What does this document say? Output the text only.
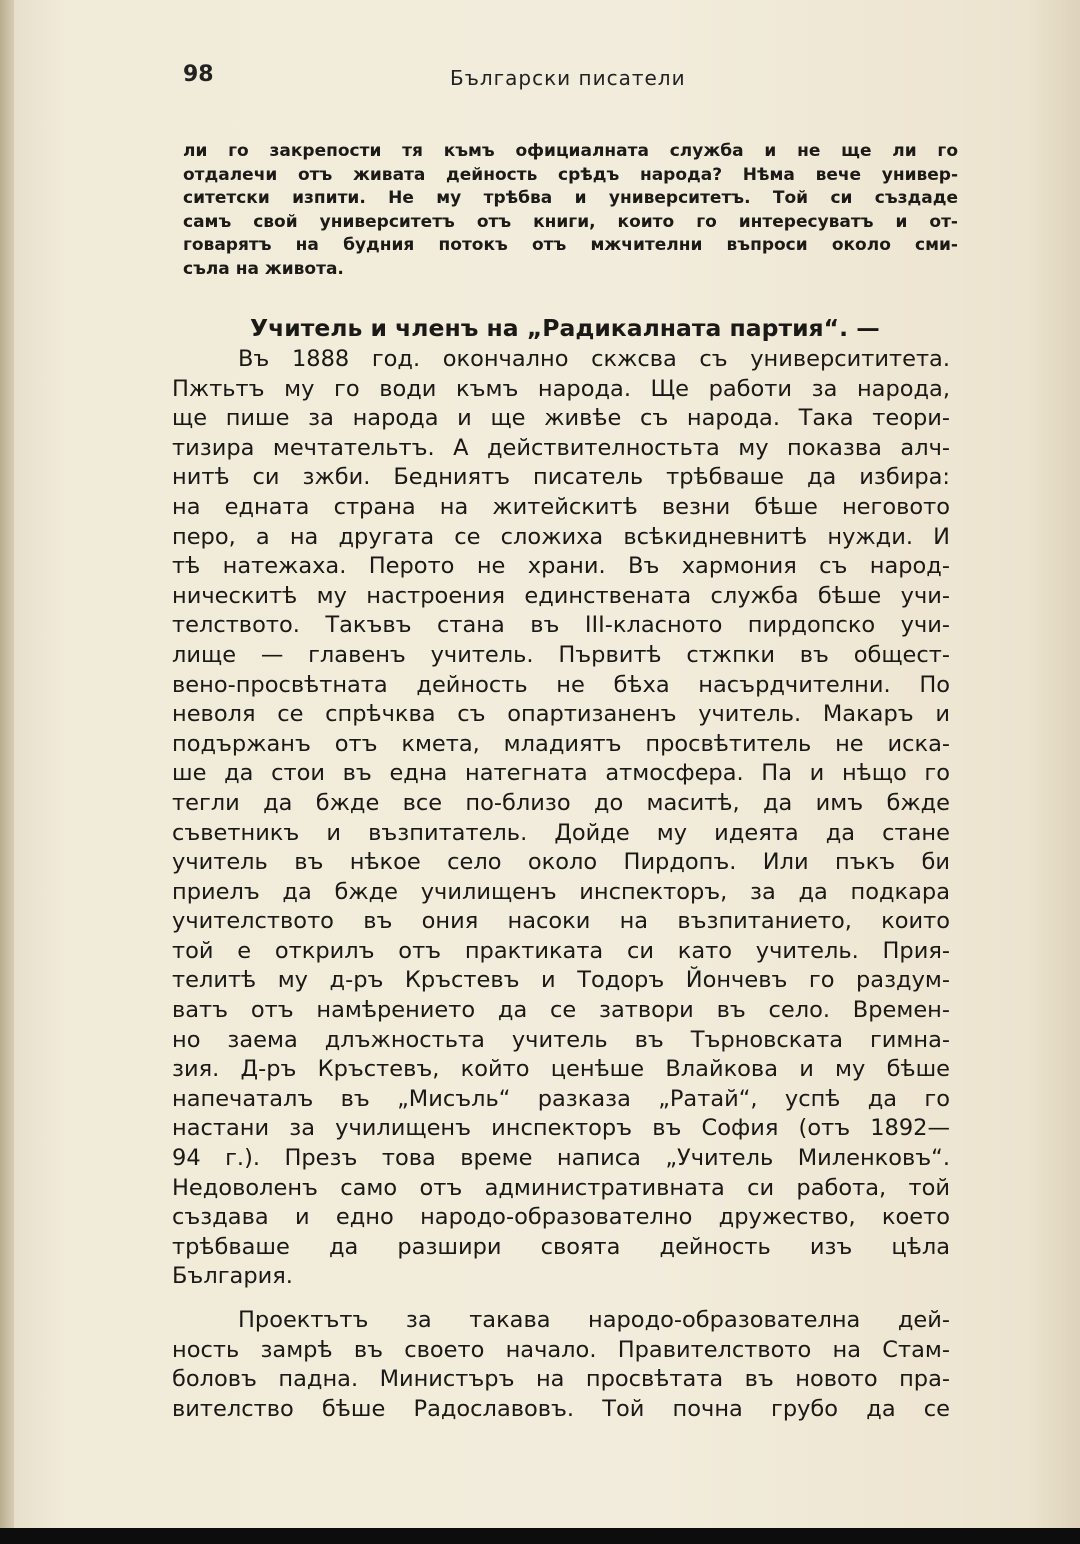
98	Български писатели
ли го закрепости тя къмъ официалната служба и не ще ли го
отдалечи отъ живата дейность срѣдъ народа? Нѣма вече универ-
ситетски изпити. Не му трѣбва и университетъ. Той си създаде
самъ свой университетъ отъ книги, които го интересуватъ и от-
говарятъ на будния потокъ отъ мжчителни въпроси около сми-
съла на живота.
Учитель и членъ на „Радикалната партия“. —
Въ 1888 год. окончално скжсва съ университитета.
Пжтьтъ му го води къмъ народа. Ще работи за народа,
ще пише за народа и ще живѣе съ народа. Така теори-
тизира мечтательтъ. А действителностьта му показва алч-
нитѣ си зжби. Бедниятъ писатель трѣбваше да избира:
на едната страна на житейскитѣ везни бѣше неговото
перо, а на другата се сложиха всѣкидневнитѣ нужди. И
тѣ натежаха. Перото не храни. Въ хармония съ народ-
ническитѣ му настроения единствената служба бѣше учи-
телството. Такъвъ стана въ III-класното пирдопско учи-
лище — главенъ учитель. Първитѣ стжпки въ общест-
вено-просвѣтната дейность не бѣха насърдчителни. По
неволя се спрѣчква съ опартизаненъ учитель. Макаръ и
подържанъ отъ кмета, младиятъ просвѣтитель не иска-
ше да стои въ една натегната атмосфера. Па и нѣщо го
тегли да бжде все по-близо до маситѣ, да имъ бжде
съветникъ и възпитатель. Дойде му идеята да стане
учитель въ нѣкое село около Пирдопъ. Или пъкъ би
приелъ да бжде училищенъ инспекторъ, за да подкара
учителството въ ония насоки на възпитанието, които
той е открилъ отъ практиката си като учитель. Прия-
телитѣ му д-ръ Кръстевъ и Тодоръ Йончевъ го раздум-
ватъ отъ намѣрението да се затвори въ село. Времен-
но заема длъжностьта учитель въ Търновската гимна-
зия. Д-ръ Кръстевъ, който ценѣше Влайкова и му бѣше
напечаталъ въ „Мисъль“ разказа „Ратай“, успѣ да го
настани за училищенъ инспекторъ въ София (отъ 1892—
94 г.). Презъ това време написа „Учитель Миленковъ“.
Недоволенъ само отъ административната си работа, той
създава и едно народо-образователно дружество, което
трѣбваше да разшири своята дейность изъ цѣла
България.
Проектътъ за такава народо-образователна дей-
ность замрѣ въ своето начало. Правителството на Стам-
боловъ падна. Министъръ на просвѣтата въ новото пра-
вителство бѣше Радославовъ. Той почна грубо да се
